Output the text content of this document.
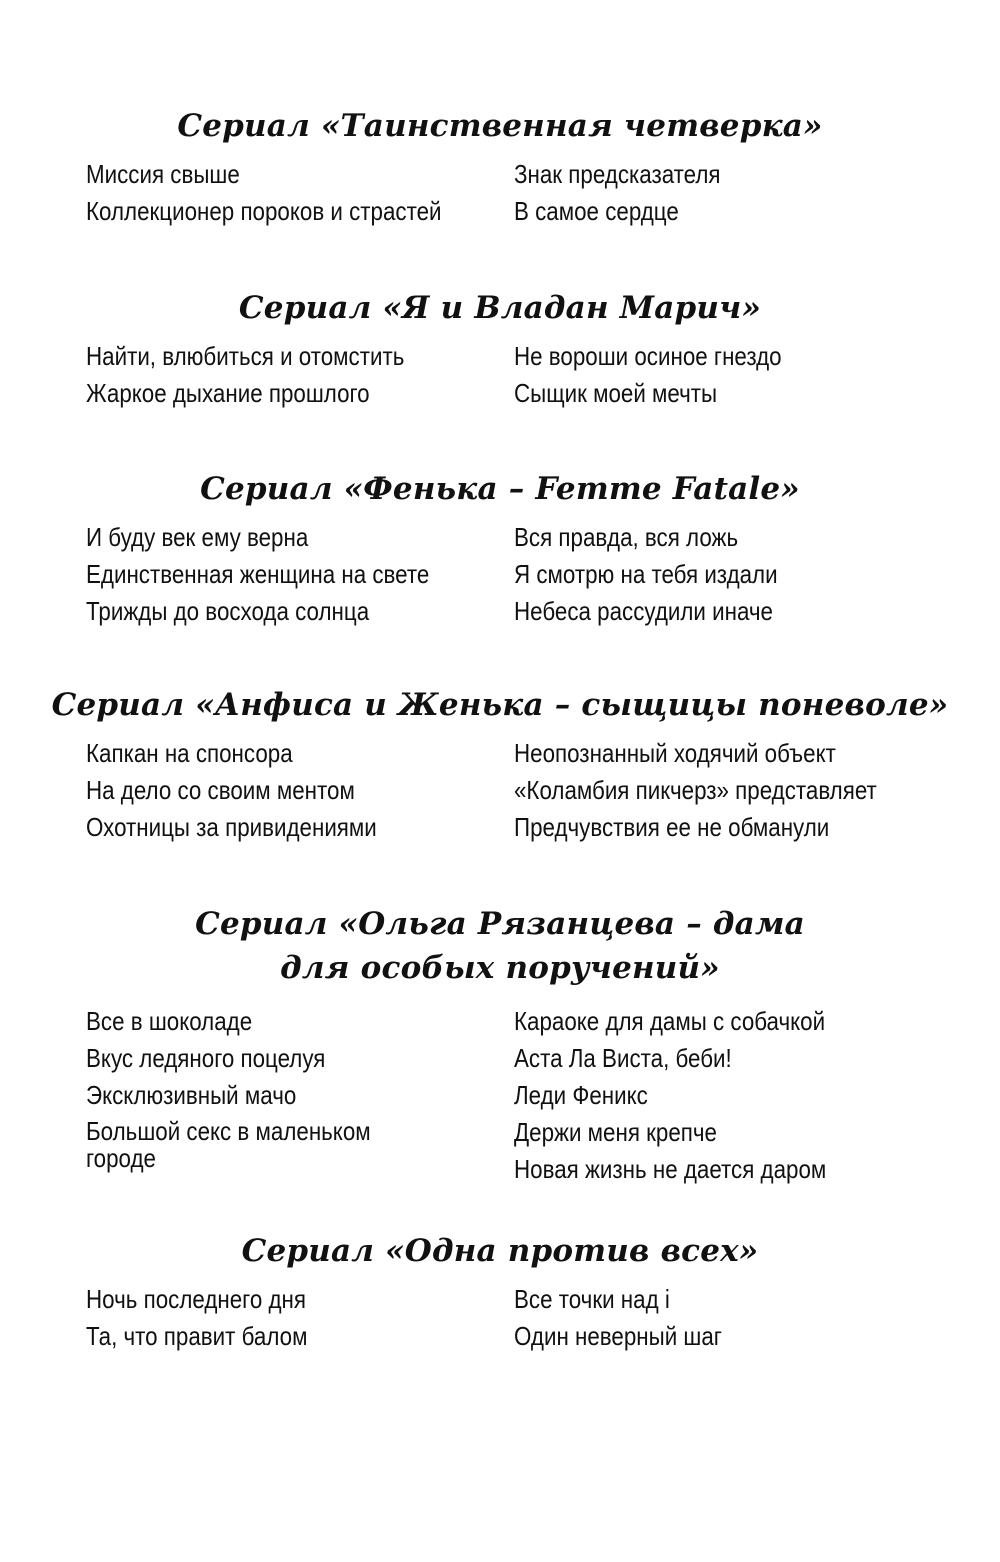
Сериал «Таинственная четверка»

Миссия свыше

Коллекционер пороков и страстей

Знак предсказателя

В самое сердце

Сериал «Я и Владан Марич»

Найти, влюбиться и отомстить

Жаркое дыхание прошлого

Не вороши осиное гнездо

Сыщик моей мечты

Сериал «Фенька – Femme Fatale»

И буду век ему верна

Единственная женщина на свете

Трижды до восхода солнца

Вся правда, вся ложь

Я смотрю на тебя издали

Небеса рассудили иначе

Сериал «Анфиса и Женька – сыщицы поневоле»

Капкан на спонсора

На дело со своим ментом

Охотницы за привидениями

Неопознанный ходячий объект

«Коламбия пикчерз» представляет

Предчувствия ее не обманули

Сериал «Ольга Рязанцева – дама
для особых поручений»

Все в шоколаде

Вкус ледяного поцелуя

Эксклюзивный мачо

Большой секс в маленьком городе

Караоке для дамы с собачкой

Аста Ла Виста, беби!

Леди Феникс

Держи меня крепче

Новая жизнь не дается даром

Сериал «Одна против всех»

Ночь последнего дня

Та, что правит балом

Все точки над i

Один неверный шаг
